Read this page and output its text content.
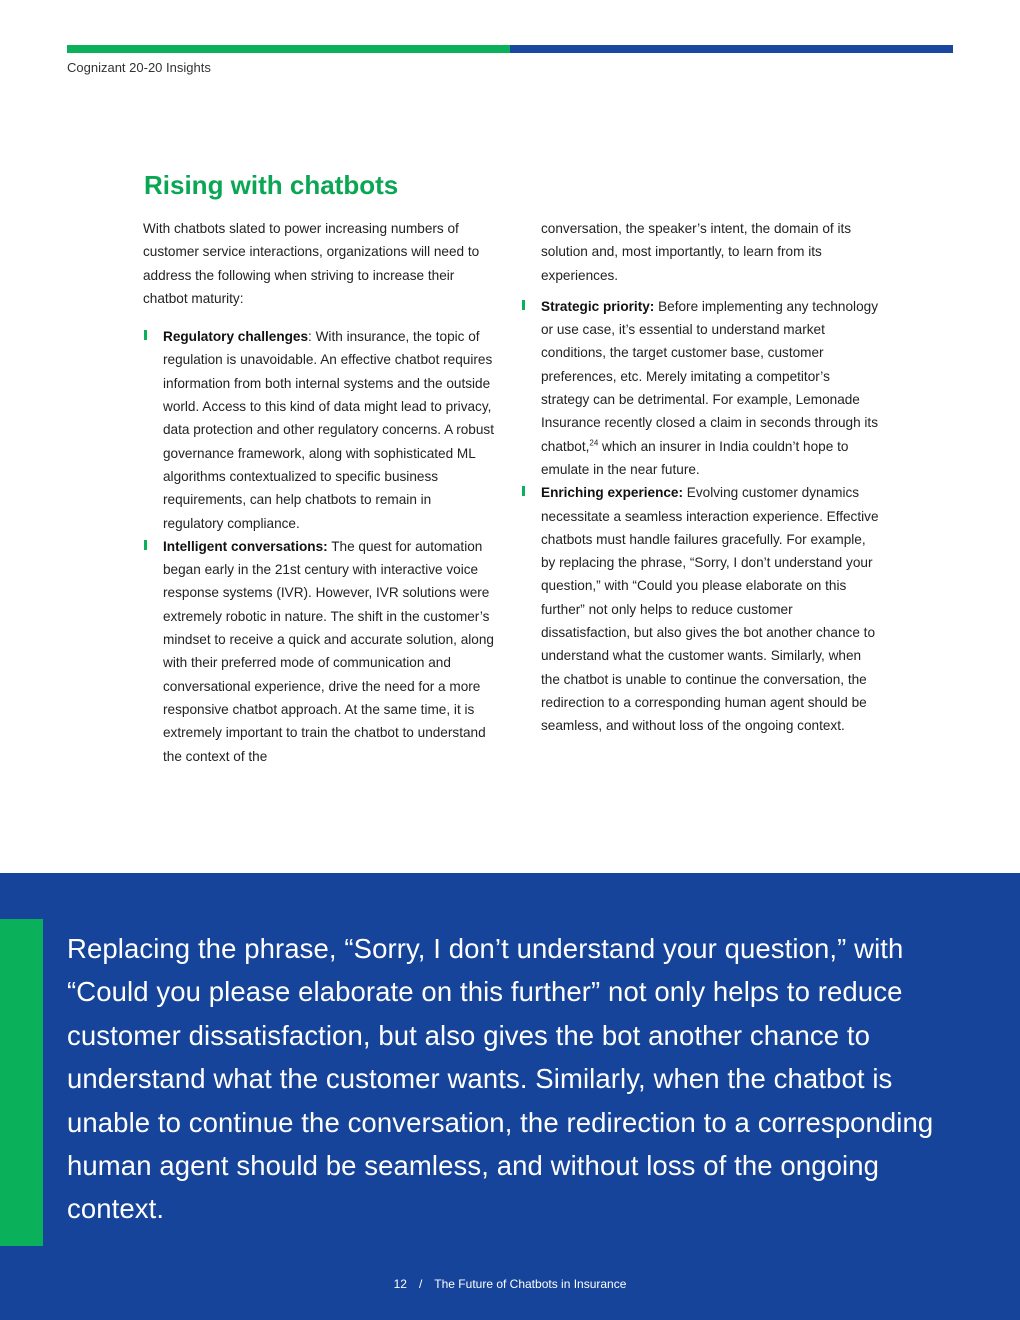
Cognizant 20-20 Insights
Rising with chatbots

With chatbots slated to power increasing numbers of customer service interactions, organizations will need to address the following when striving to increase their chatbot maturity:

Regulatory challenges: With insurance, the topic of regulation is unavoidable. An effective chatbot requires information from both internal systems and the outside world. Access to this kind of data might lead to privacy, data protection and other regulatory concerns. A robust governance framework, along with sophisticated ML algorithms contextualized to specific business requirements, can help chatbots to remain in regulatory compliance.

Intelligent conversations: The quest for automation began early in the 21st century with interactive voice response systems (IVR). However, IVR solutions were extremely robotic in nature. The shift in the customer’s mindset to receive a quick and accurate solution, along with their preferred mode of communication and conversational experience, drive the need for a more responsive chatbot approach. At the same time, it is extremely important to train the chatbot to understand the context of the

conversation, the speaker’s intent, the domain of its solution and, most importantly, to learn from its experiences.

Strategic priority: Before implementing any technology or use case, it’s essential to understand market conditions, the target customer base, customer preferences, etc. Merely imitating a competitor’s strategy can be detrimental. For example, Lemonade Insurance recently closed a claim in seconds through its chatbot,$^{24}$ which an insurer in India couldn’t hope to emulate in the near future.

Enriching experience: Evolving customer dynamics necessitate a seamless interaction experience. Effective chatbots must handle failures gracefully. For example, by replacing the phrase, “Sorry, I don’t understand your question,” with “Could you please elaborate on this further” not only helps to reduce customer dissatisfaction, but also gives the bot another chance to understand what the customer wants. Similarly, when the chatbot is unable to continue the conversation, the redirection to a corresponding human agent should be seamless, and without loss of the ongoing context.

Replacing the phrase, “Sorry, I don’t understand your question,” with “Could you please elaborate on this further” not only helps to reduce customer dissatisfaction, but also gives the bot another chance to understand what the customer wants. Similarly, when the chatbot is unable to continue the conversation, the redirection to a corresponding human agent should be seamless, and without loss of the ongoing context.

12 / The Future of Chatbots in Insurance
